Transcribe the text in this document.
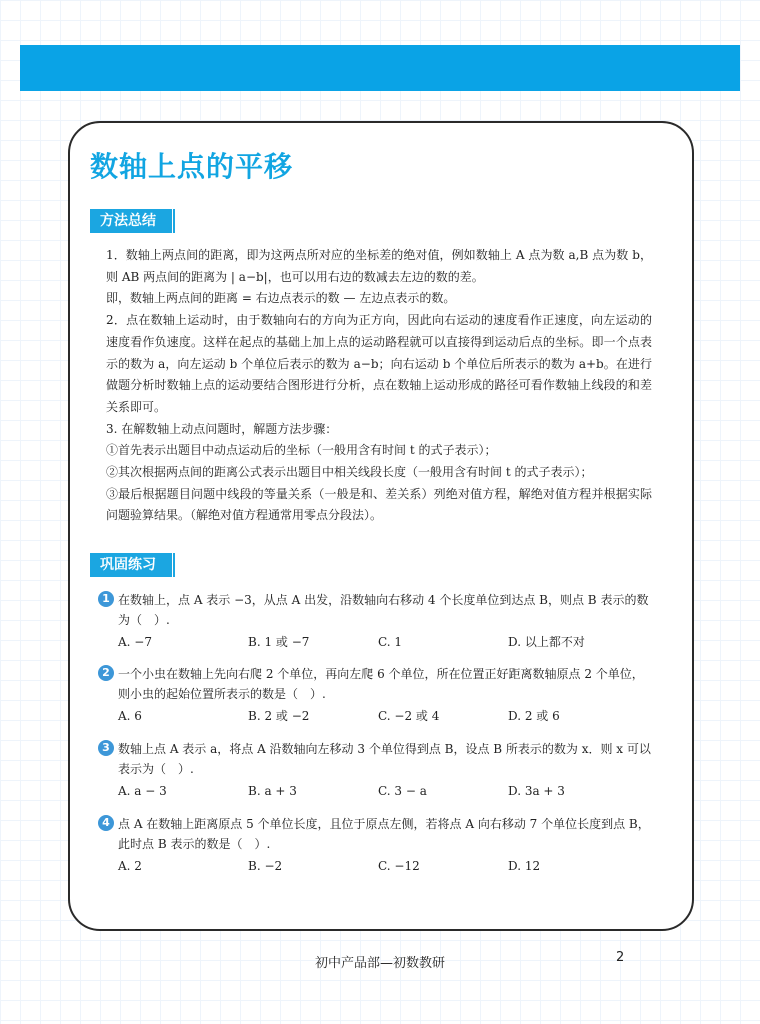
数轴上点的平移
方法总结

1．数轴上两点间的距离，即为这两点所对应的坐标差的绝对值，例如数轴上 A 点为数 a,B 点为数 b，则 AB 两点间的距离为 | a−b|，也可以用右边的数减去左边的数的差。

即，数轴上两点间的距离 = 右边点表示的数 — 左边点表示的数。

2．点在数轴上运动时，由于数轴向右的方向为正方向，因此向右运动的速度看作正速度，向左运动的速度看作负速度。这样在起点的基础上加上点的运动路程就可以直接得到运动后点的坐标。即一个点表示的数为 a，向左运动 b 个单位后表示的数为 a−b；向右运动 b 个单位后所表示的数为 a+b。在进行做题分析时数轴上点的运动要结合图形进行分析，点在数轴上运动形成的路径可看作数轴上线段的和差关系即可。

3. 在解数轴上动点问题时，解题方法步骤：

①首先表示出题目中动点运动后的坐标（一般用含有时间 t 的式子表示）；

②其次根据两点间的距离公式表示出题目中相关线段长度（一般用含有时间 t 的式子表示）；

③最后根据题目问题中线段的等量关系（一般是和、差关系）列绝对值方程，解绝对值方程并根据实际问题验算结果。（解绝对值方程通常用零点分段法）。

巩固练习
1 在数轴上，点 A 表示 −3，从点 A 出发，沿数轴向右移动 4 个长度单位到达点 B，则点 B 表示的数为（　）.
A. −7	B. 1 或 −7	C. 1	D. 以上都不对
2 一个小虫在数轴上先向右爬 2 个单位，再向左爬 6 个单位，所在位置正好距离数轴原点 2 个单位，则小虫的起始位置所表示的数是（　）.
A. 6	B. 2 或 −2	C. −2 或 4	D. 2 或 6
3 数轴上点 A 表示 a，将点 A 沿数轴向左移动 3 个单位得到点 B，设点 B 所表示的数为 x．则 x 可以表示为（　）.
A. a − 3	B. a + 3	C. 3 − a	D. 3a + 3
4 点 A 在数轴上距离原点 5 个单位长度，且位于原点左侧，若将点 A 向右移动 7 个单位长度到点 B，此时点 B 表示的数是（　）.
A. 2	B. −2	C. −12	D. 12
初中产品部—初数教研	2
